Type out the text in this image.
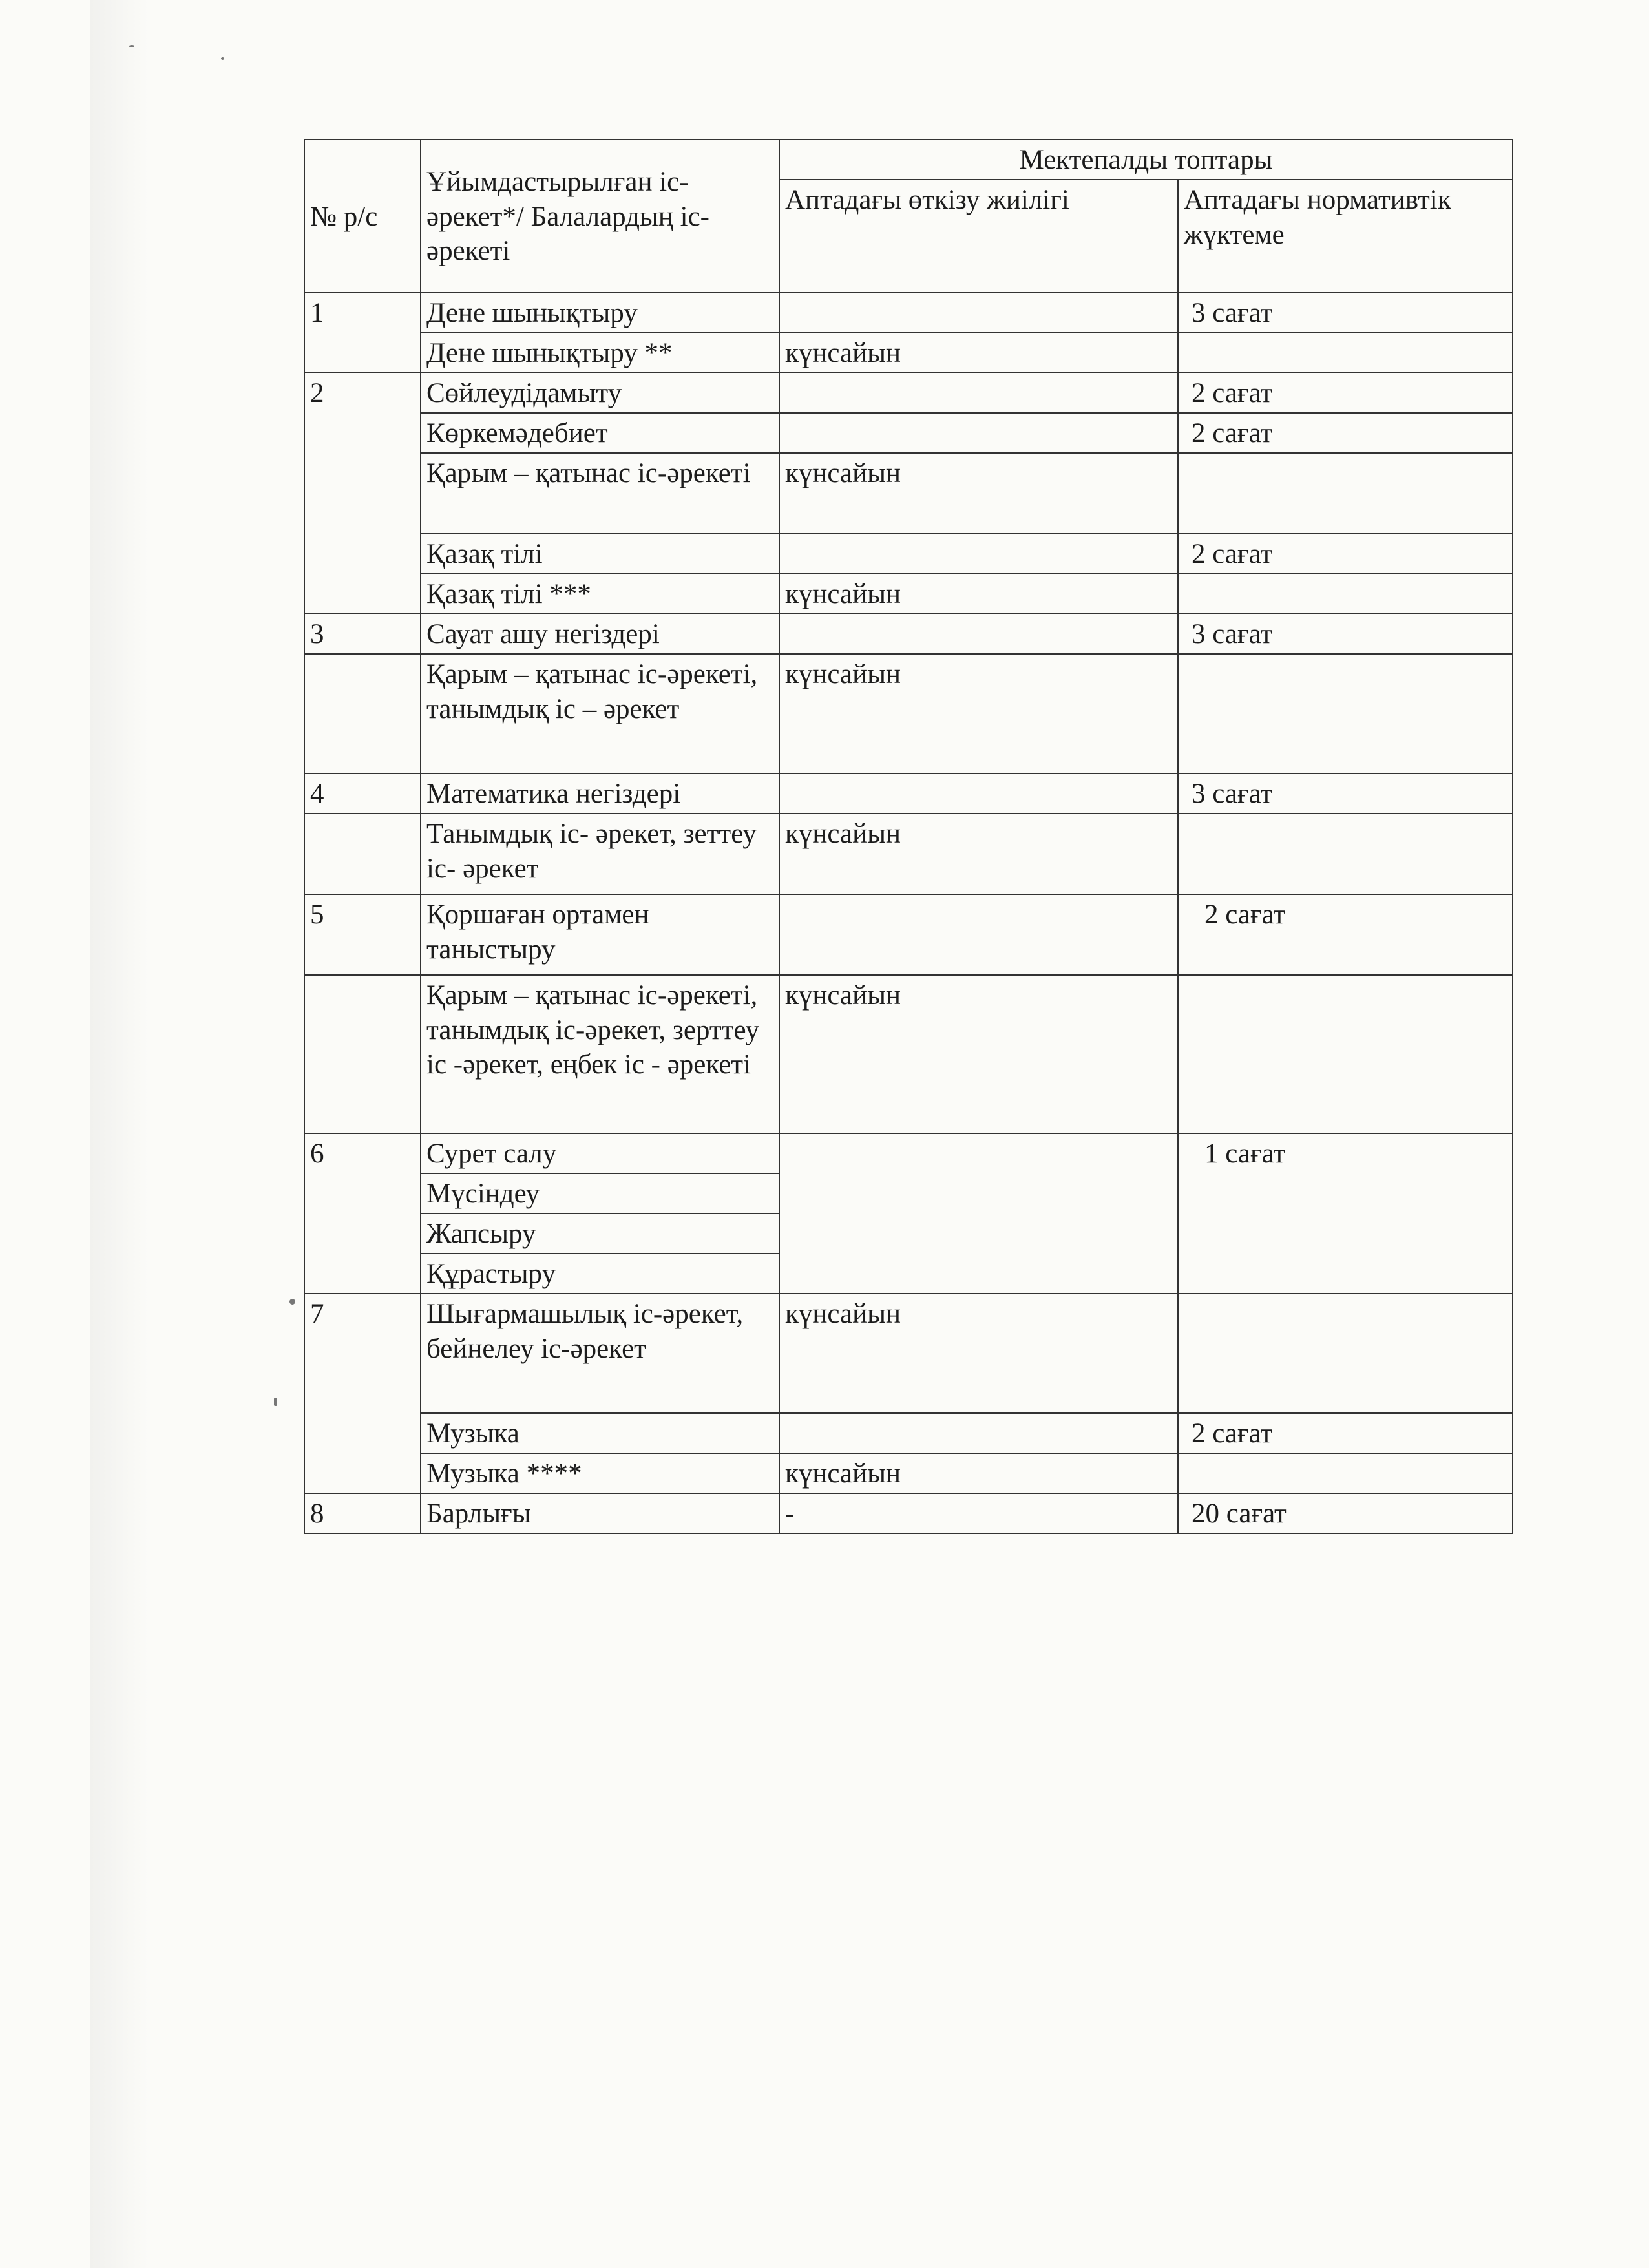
№ р/с	Ұйымдастырылған іс-әрекет*/ Балалардың іс-әрекеті	Мектепалды топтары	
		Аптадағы өткізу жиілігі	Аптадағы нормативтік жүктеме
1	Дене шынықтыру		3 сағат
	Дене шынықтыру **	күнсайын	
2	Сөйлеудідамыту		2 сағат
	Көркемәдебиет		2 сағат
	Қарым – қатынас іс-әрекеті	күнсайын	
	Қазақ тілі		2 сағат
	Қазақ тілі ***	күнсайын	
3	Сауат ашу негіздері		3 сағат
	Қарым – қатынас іс-әрекеті, танымдық іс – әрекет	күнсайын	
4	Математика негіздері		3 сағат
	Танымдық іс- әрекет, зеттеу іс- әрекет	күнсайын	
5	Қоршаған ортамен таныстыру		2 сағат
	Қарым – қатынас іс-әрекеті, танымдық іс-әрекет, зерттеу іс -әрекет, еңбек іс - әрекеті	күнсайын	
6	Сурет салу		1 сағат
	Мүсіндеу		
	Жапсыру		
	Құрастыру		
7	Шығармашылық іс-әрекет, бейнелеу іс-әрекет	күнсайын	
	Музыка		2 сағат
	Музыка ****	күнсайын	
8	Барлығы	-	20 сағат
